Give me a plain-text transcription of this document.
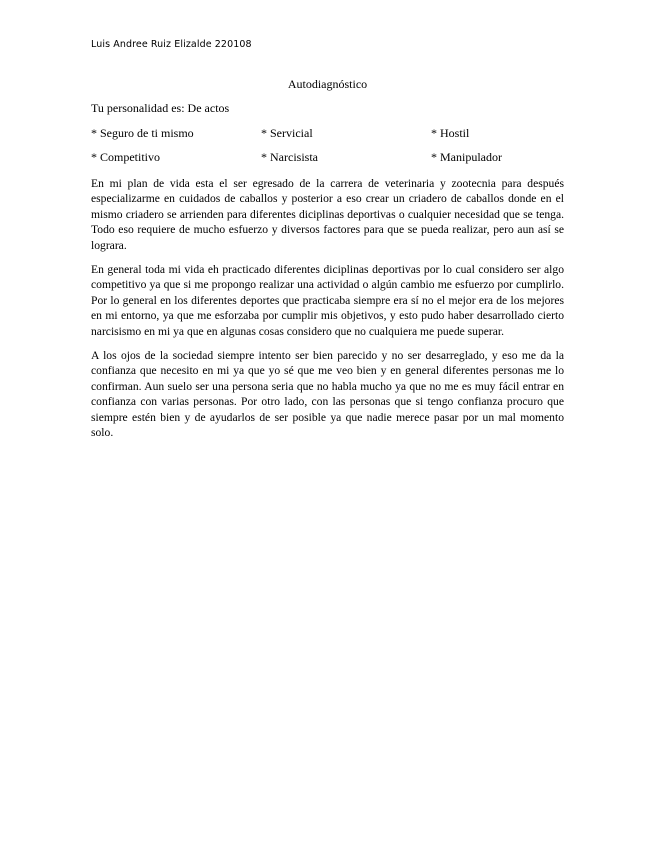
Luis Andree Ruiz Elizalde 220108
Autodiagnóstico
Tu personalidad es: De actos
* Seguro de ti mismo	* Servicial	* Hostil
* Competitivo	* Narcisista	* Manipulador

En mi plan de vida esta el ser egresado de la carrera de veterinaria y zootecnia para después especializarme en cuidados de caballos y posterior a eso crear un criadero de caballos donde en el mismo criadero se arrienden para diferentes diciplinas deportivas o cualquier necesidad que se tenga. Todo eso requiere de mucho esfuerzo y diversos factores para que se pueda realizar, pero aun así se lograra.

En general toda mi vida eh practicado diferentes diciplinas deportivas por lo cual considero ser algo competitivo ya que si me propongo realizar una actividad o algún cambio me esfuerzo por cumplirlo. Por lo general en los diferentes deportes que practicaba siempre era sí no el mejor era de los mejores en mi entorno, ya que me esforzaba por cumplir mis objetivos, y esto pudo haber desarrollado cierto narcisismo en mi ya que en algunas cosas considero que no cualquiera me puede superar.

A los ojos de la sociedad siempre intento ser bien parecido y no ser desarreglado, y eso me da la confianza que necesito en mi ya que yo sé que me veo bien y en general diferentes personas me lo confirman. Aun suelo ser una persona seria que no habla mucho ya que no me es muy fácil entrar en confianza con varias personas. Por otro lado, con las personas que si tengo confianza procuro que siempre estén bien y de ayudarlos de ser posible ya que nadie merece pasar por un mal momento solo.
